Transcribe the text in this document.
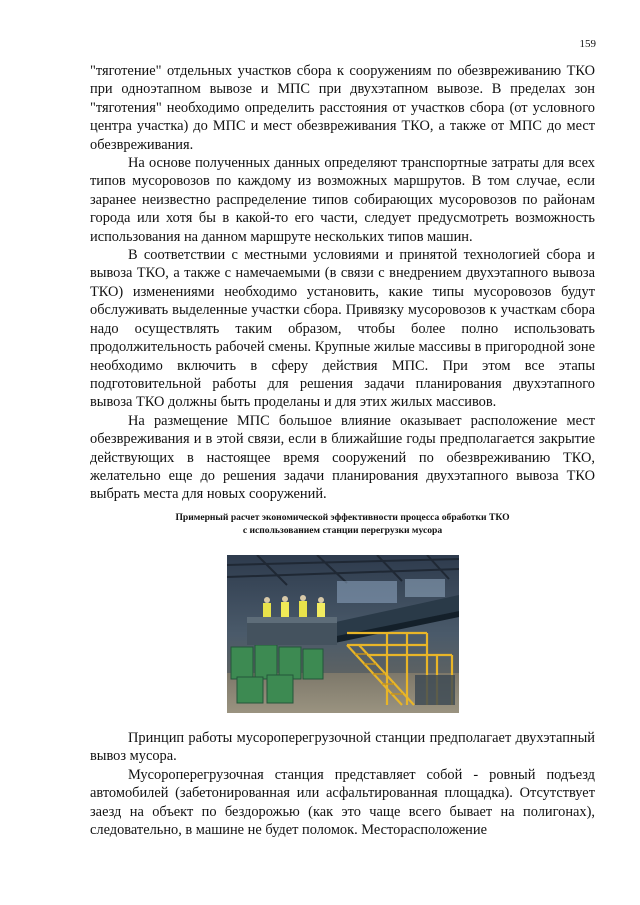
159

"тяготение" отдельных участков сбора к сооружениям по обезвреживанию ТКО при одноэтапном вывозе и МПС при двухэтапном вывозе. В пределах зон "тяготения" необходимо определить расстояния от участков сбора (от условного центра участка) до МПС и мест обезвреживания ТКО, а также от МПС до мест обезвреживания.

На основе полученных данных определяют транспортные затраты для всех типов мусоровозов по каждому из возможных маршрутов. В том случае, если заранее неизвестно распределение типов собирающих мусоровозов по районам города или хотя бы в какой-то его части, следует предусмотреть возможность использования на данном маршруте нескольких типов машин.

В соответствии с местными условиями и принятой технологией сбора и вывоза ТКО, а также с намечаемыми (в связи с внедрением двухэтапного вывоза ТКО) изменениями необходимо установить, какие типы мусоровозов будут обслуживать выделенные участки сбора. Привязку мусоровозов к участкам сбора надо осуществлять таким образом, чтобы более полно использовать продолжительность рабочей смены. Крупные жилые массивы в пригородной зоне необходимо включить в сферу действия МПС. При этом все этапы подготовительной работы для решения задачи планирования двухэтапного вывоза ТКО должны быть проделаны и для этих жилых массивов.

На размещение МПС большое влияние оказывает расположение мест обезвреживания и в этой связи, если в ближайшие годы предполагается закрытие действующих в настоящее время сооружений по обезвреживанию ТКО, желательно еще до решения задачи планирования двухэтапного вывоза ТКО выбрать места для новых сооружений.

Примерный расчет экономической эффективности процесса обработки ТКО
с использованием станции перегрузки мусора

Принцип работы мусороперегрузочной станции предполагает двухэтапный вывоз мусора.

Мусороперегрузочная станция представляет собой - ровный подъезд автомобилей (забетонированная или асфальтированная площадка). Отсутствует заезд на объект по бездорожью (как это чаще всего бывает на полигонах), следовательно, в машине не будет поломок. Месторасположение
